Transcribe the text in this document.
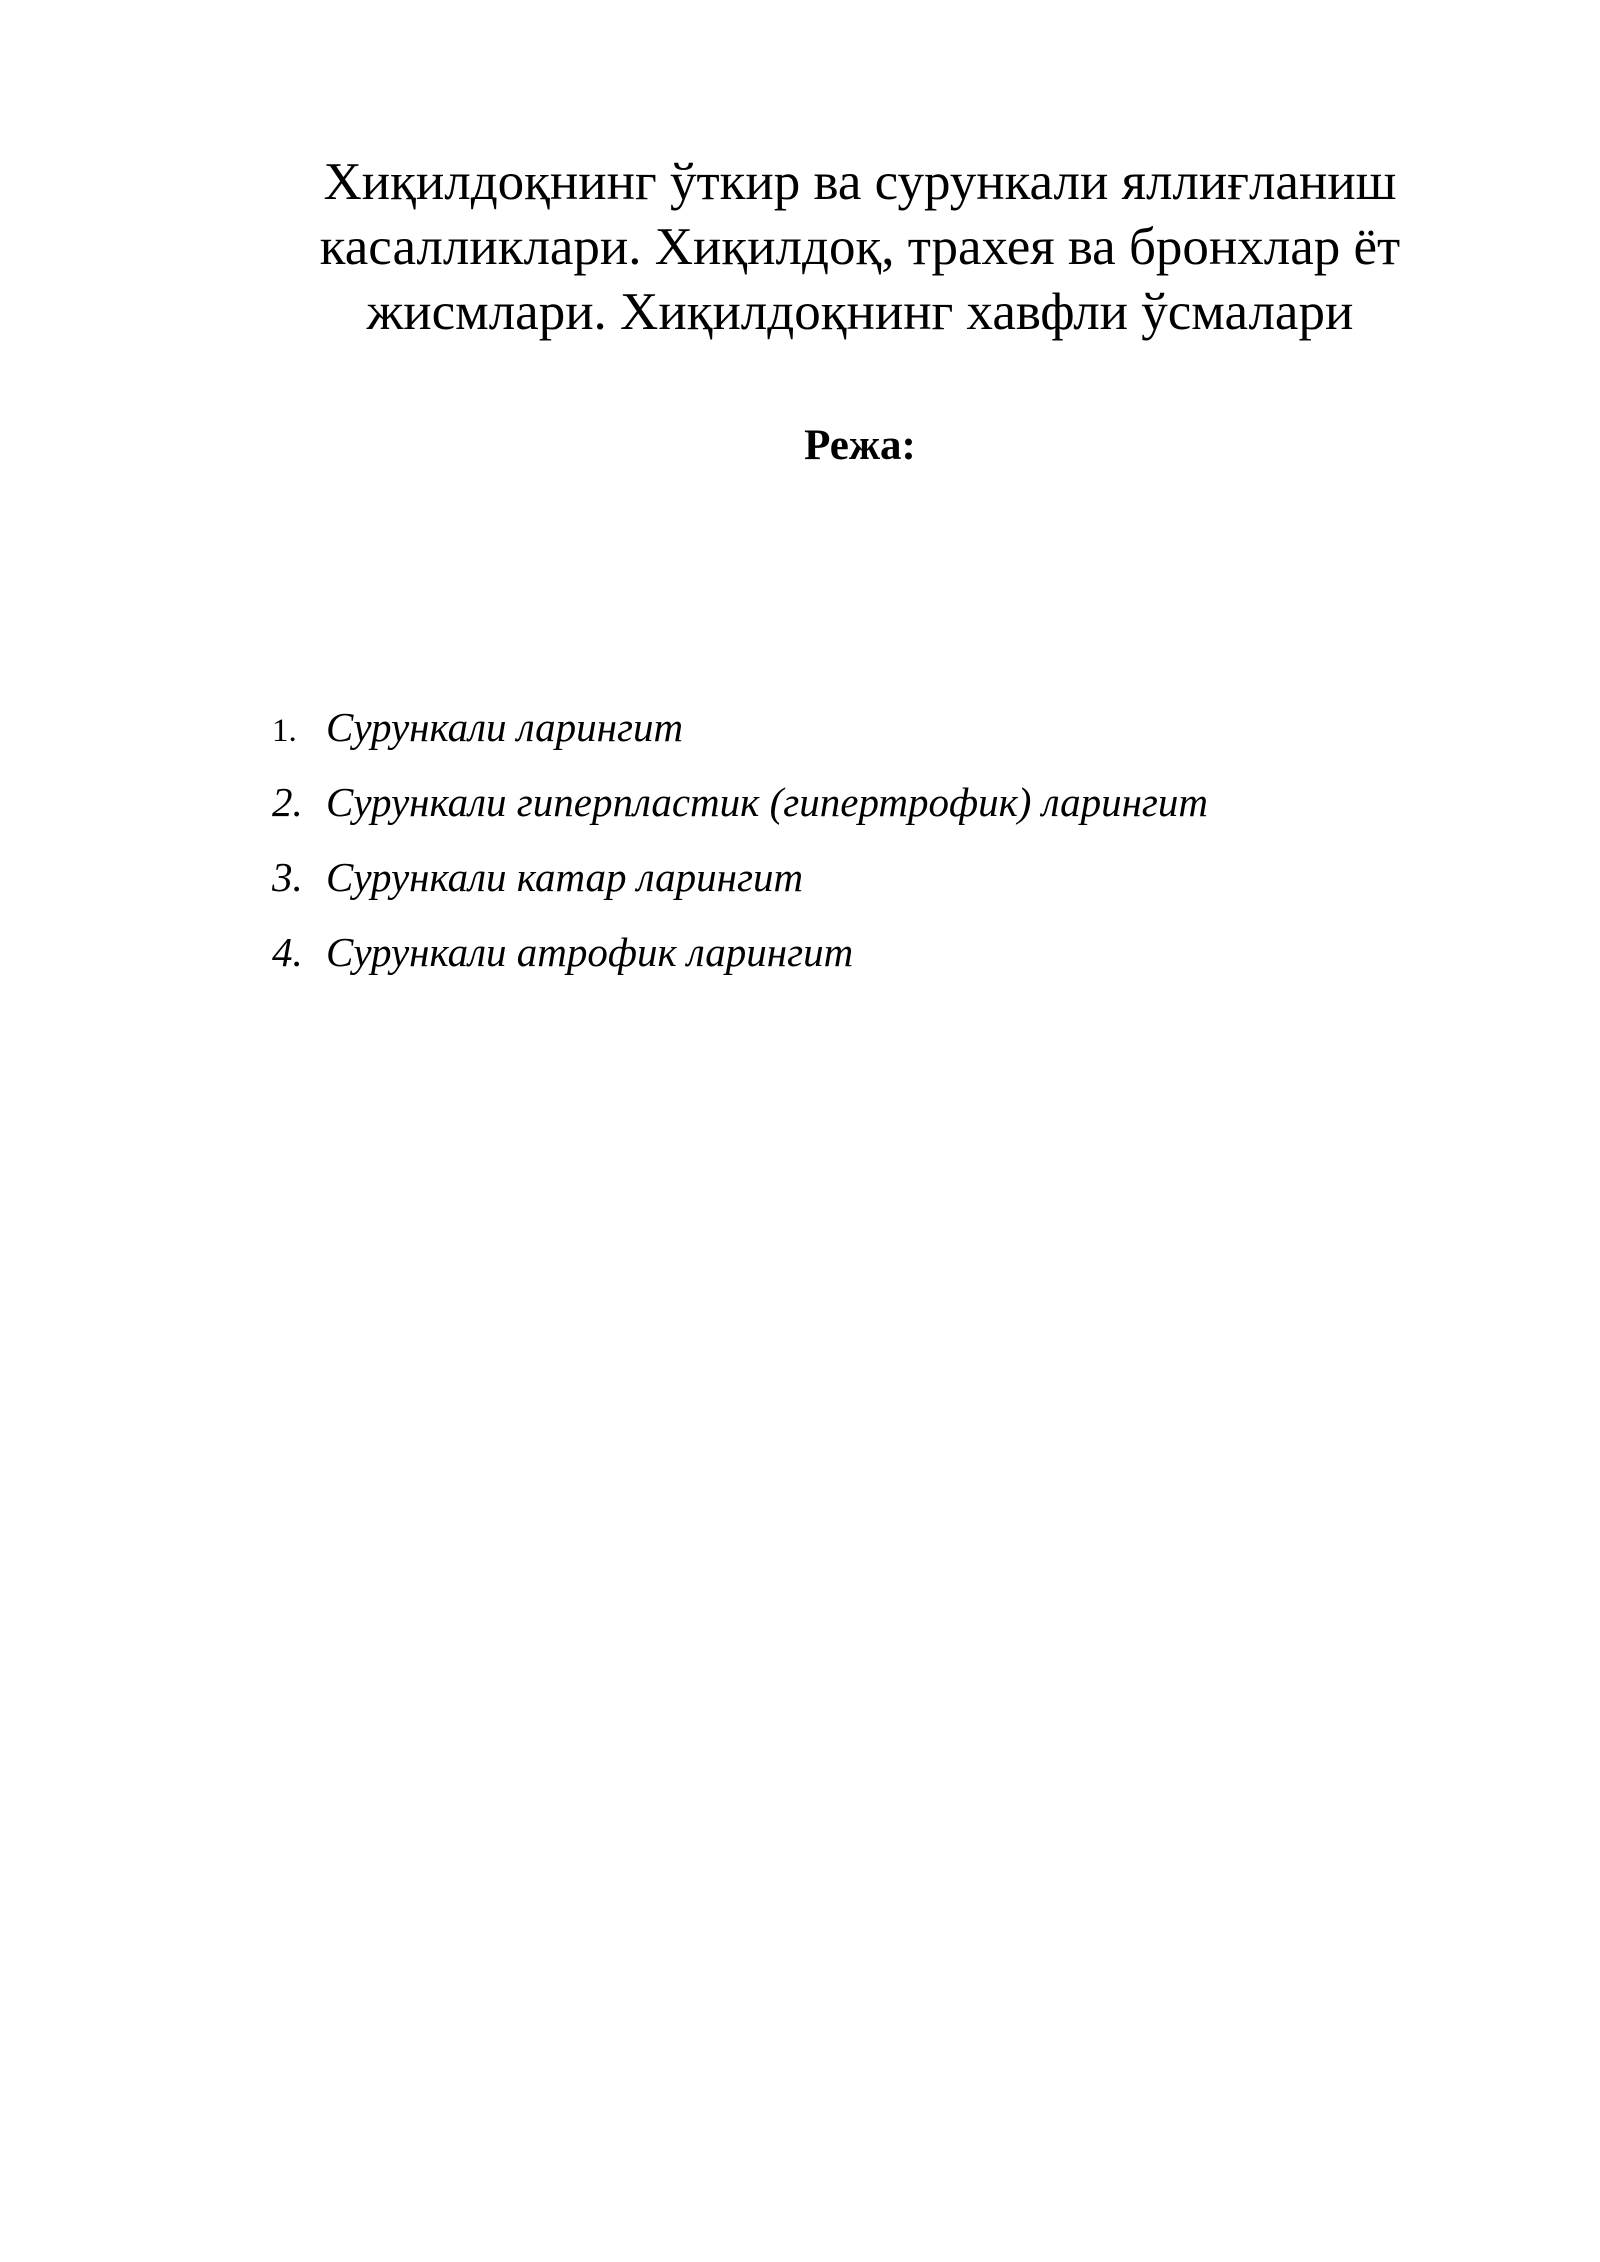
Хиқилдоқнинг ўткир ва сурункали яллиғланиш
касалликлари. Хиқилдоқ, трахея ва бронхлар ёт
жисмлари. Хиқилдоқнинг хавфли ўсмалари
Режа:
1. Сурункали ларингит
2. Сурункали гиперпластик (гипертрофик) ларингит
3. Сурункали катар ларингит
4. Сурункали атрофик ларингит
